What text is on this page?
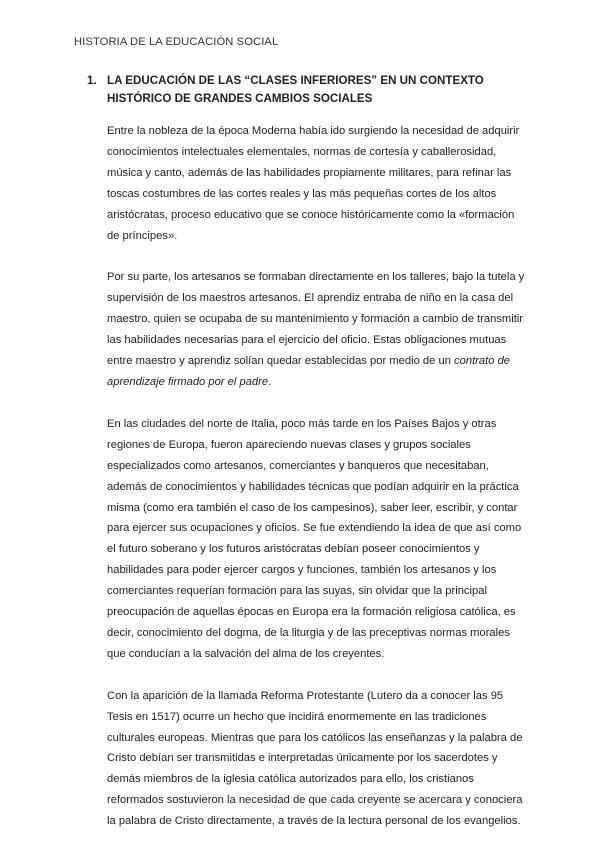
HISTORIA DE LA EDUCACIÓN SOCIAL
1. LA EDUCACIÓN DE LAS “CLASES INFERIORES” EN UN CONTEXTO HISTÓRICO DE GRANDES CAMBIOS SOCIALES

Entre la nobleza de la época Moderna había ido surgiendo la necesidad de adquirir conocimientos intelectuales elementales, normas de cortesía y caballerosidad, música y canto, además de las habilidades propiamente militares, para refinar las toscas costumbres de las cortes reales y las más pequeñas cortes de los altos aristócratas, proceso educativo que se conoce históricamente como la «formación de príncipes».

Por su parte, los artesanos se formaban directamente en los talleres, bajo la tutela y supervisión de los maestros artesanos. El aprendiz entraba de niño en la casa del maestro, quien se ocupaba de su mantenimiento y formación a cambio de transmitir las habilidades necesarias para el ejercicio del oficio. Estas obligaciones mutuas entre maestro y aprendiz solían quedar establecidas por medio de un contrato de aprendizaje firmado por el padre.

En las ciudades del norte de Italia, poco más tarde en los Países Bajos y otras regiones de Europa, fueron apareciendo nuevas clases y grupos sociales especializados como artesanos, comerciantes y banqueros que necesitaban, además de conocimientos y habilidades técnicas que podían adquirir en la práctica misma (como era también el caso de los campesinos), saber leer, escribir, y contar para ejercer sus ocupaciones y oficios. Se fue extendiendo la idea de que así como el futuro soberano y los futuros aristócratas debían poseer conocimientos y habilidades para poder ejercer cargos y funciones, también los artesanos y los comerciantes requerían formación para las suyas, sin olvidar que la principal preocupación de aquellas épocas en Europa era la formación religiosa católica, es decir, conocimiento del dogma, de la liturgia y de las preceptivas normas morales que conducían a la salvación del alma de los creyentes.

Con la aparición de la llamada Reforma Protestante (Lutero da a conocer las 95 Tesis en 1517) ocurre un hecho que incidirá enormemente en las tradiciones culturales europeas. Mientras que para los católicos las enseñanzas y la palabra de Cristo debían ser transmitidas e interpretadas únicamente por los sacerdotes y demás miembros de la iglesia católica autorizados para ello, los cristianos reformados sostuvieron la necesidad de que cada creyente se acercara y conociera la palabra de Cristo directamente, a través de la lectura personal de los evangelios.
